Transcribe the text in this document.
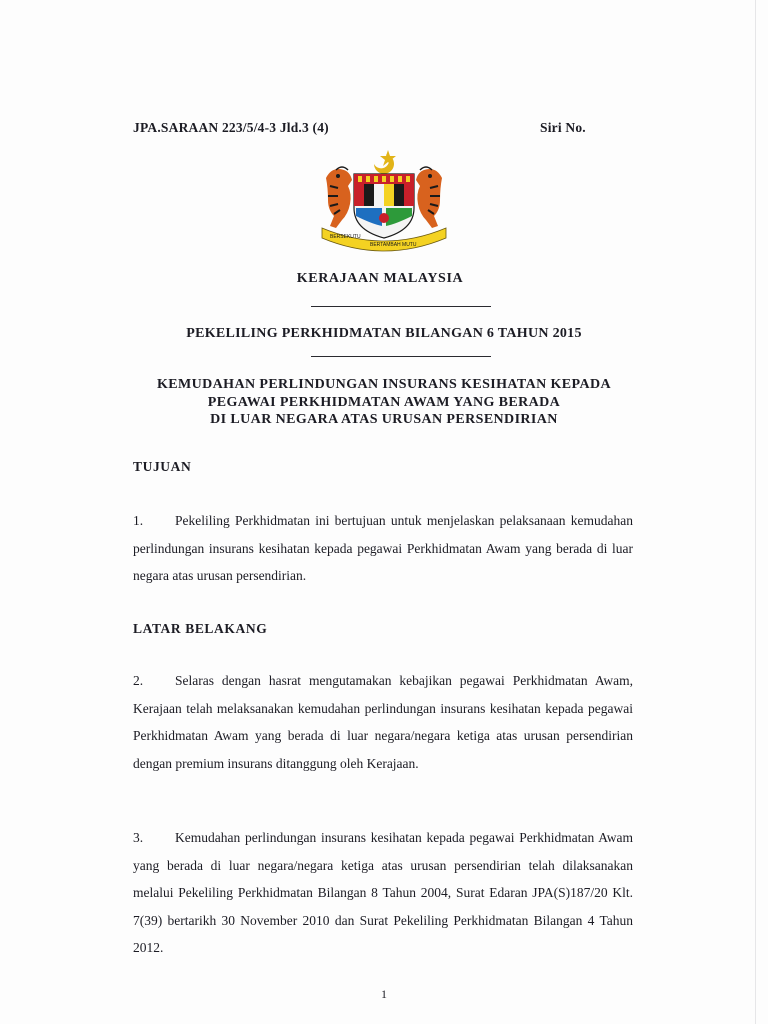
JPA.SARAAN 223/5/4-3 Jld.3 (4)	Siri No.
BERSEKUTU
BERTAMBAH MUTU
KERAJAAN MALAYSIA
PEKELILING PERKHIDMATAN BILANGAN 6 TAHUN 2015
KEMUDAHAN PERLINDUNGAN INSURANS KESIHATAN KEPADA
PEGAWAI PERKHIDMATAN AWAM YANG BERADA
DI LUAR NEGARA ATAS URUSAN PERSENDIRIAN
TUJUAN
1. Pekeliling Perkhidmatan ini bertujuan untuk menjelaskan pelaksanaan kemudahan perlindungan insurans kesihatan kepada pegawai Perkhidmatan Awam yang berada di luar negara atas urusan persendirian.
LATAR BELAKANG
2. Selaras dengan hasrat mengutamakan kebajikan pegawai Perkhidmatan Awam, Kerajaan telah melaksanakan kemudahan perlindungan insurans kesihatan kepada pegawai Perkhidmatan Awam yang berada di luar negara/negara ketiga atas urusan persendirian dengan premium insurans ditanggung oleh Kerajaan.
3. Kemudahan perlindungan insurans kesihatan kepada pegawai Perkhidmatan Awam yang berada di luar negara/negara ketiga atas urusan persendirian telah dilaksanakan melalui Pekeliling Perkhidmatan Bilangan 8 Tahun 2004, Surat Edaran JPA(S)187/20 Klt. 7(39) bertarikh 30 November 2010 dan Surat Pekeliling Perkhidmatan Bilangan 4 Tahun 2012.
1
